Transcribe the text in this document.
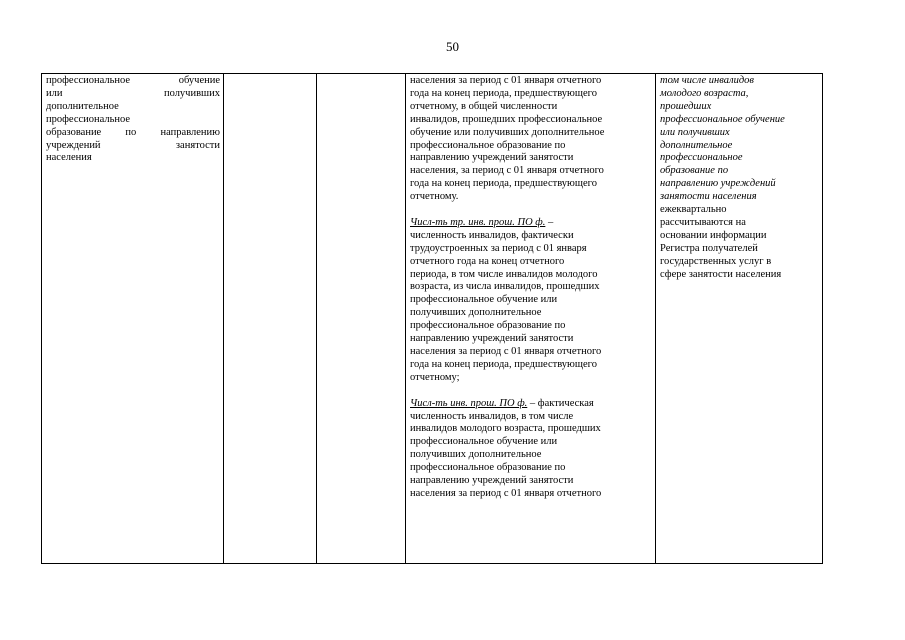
50
профессиональное обучение
или получивших
дополнительное
профессиональное
образование по направлению
учреждений занятости
населения
населения за период с 01 января отчетного
года на конец периода, предшествующего
отчетному, в общей численности
инвалидов, прошедших профессиональное
обучение или получивших дополнительное
профессиональное образование по
направлению учреждений занятости
населения, за период с 01 января отчетного
года на конец периода, предшествующего
отчетному.
Числ-ть тр. инв. прош. ПО ф. –
численность инвалидов, фактически
трудоустроенных за период с 01 января
отчетного года на конец отчетного
периода, в том числе инвалидов молодого
возраста, из числа инвалидов, прошедших
профессиональное обучение или
получивших дополнительное
профессиональное образование по
направлению учреждений занятости
населения за период с 01 января отчетного
года на конец периода, предшествующего
отчетному;
Числ-ть инв. прош. ПО ф. – фактическая
численность инвалидов, в том числе
инвалидов молодого возраста, прошедших
профессиональное обучение или
получивших дополнительное
профессиональное образование по
направлению учреждений занятости
населения за период с 01 января отчетного
том числе инвалидов
молодого возраста,
прошедших
профессиональное обучение
или получивших
дополнительное
профессиональное
образование по
направлению учреждений
занятости населения
ежеквартально
рассчитываются на
основании информации
Регистра получателей
государственных услуг в
сфере занятости населения
